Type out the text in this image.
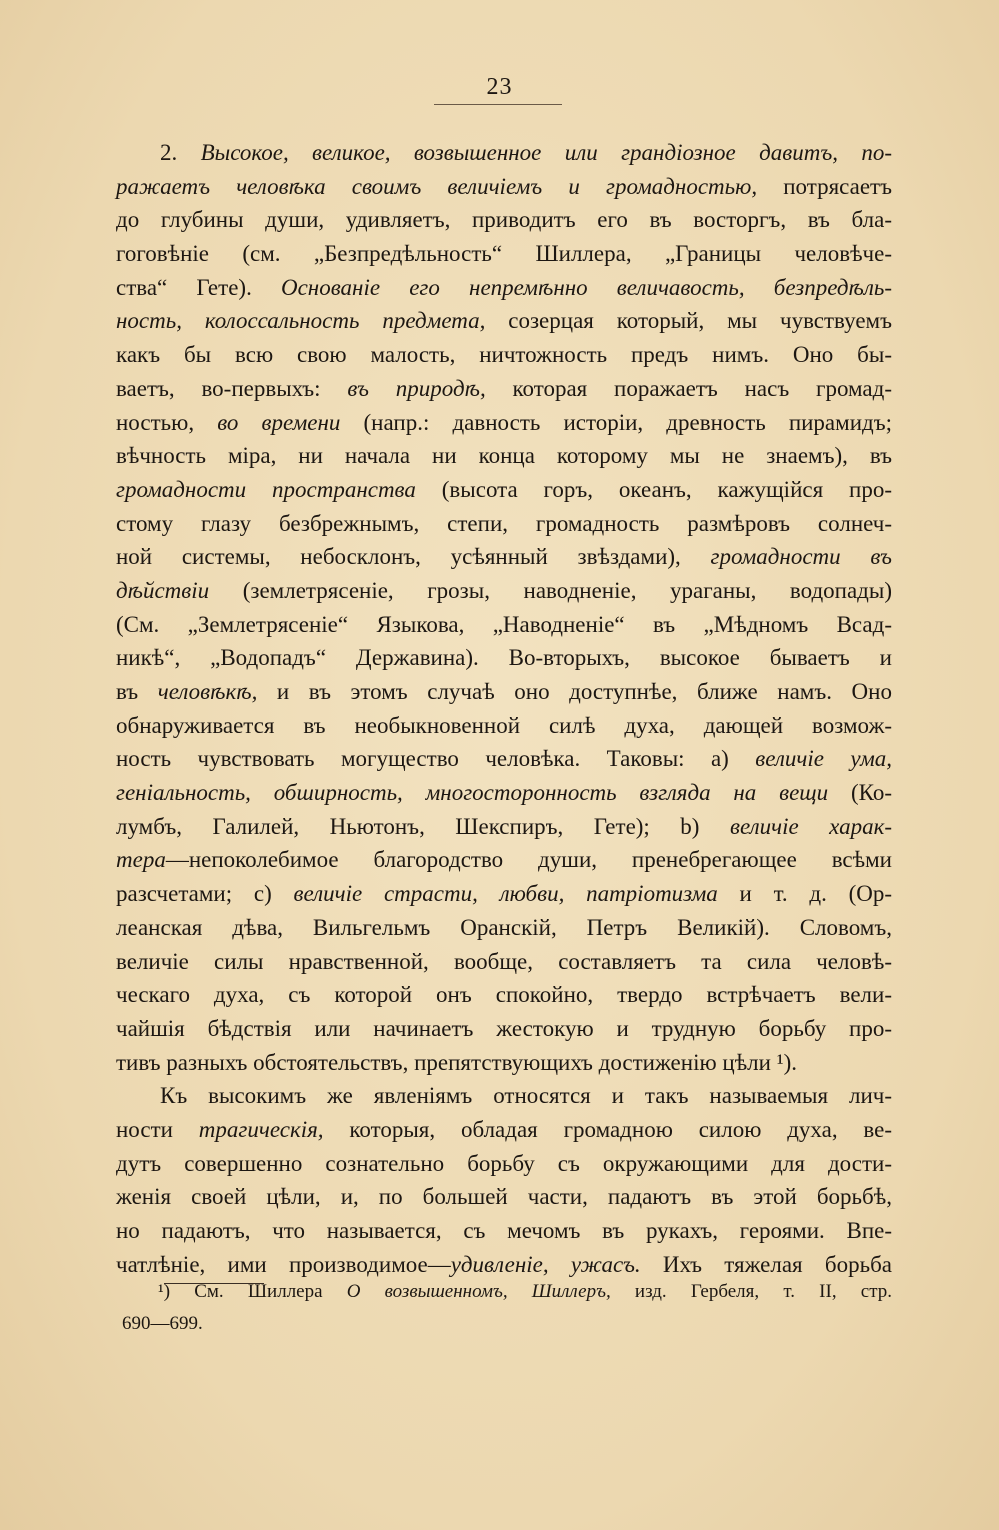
23
2. Высокое, великое, возвышенное или грандіозное давитъ, по-
ражаетъ человѣка своимъ величіемъ и громадностью, потрясаетъ
до глубины души, удивляетъ, приводитъ его въ восторгъ, въ бла-
гоговѣніе (см. „Безпредѣльность“ Шиллера, „Границы человѣче-
ства“ Гете). Основаніе его непремѣнно величавость, безпредѣль-
ность, колоссальность предмета, созерцая который, мы чувствуемъ
какъ бы всю свою малость, ничтожность предъ нимъ. Оно бы-
ваетъ, во-первыхъ: въ природѣ, которая поражаетъ насъ громад-
ностью, во времени (напр.: давность исторіи, древность пирамидъ;
вѣчность міра, ни начала ни конца которому мы не знаемъ), въ
громадности пространства (высота горъ, океанъ, кажущійся про-
стому глазу безбрежнымъ, степи, громадность размѣровъ солнеч-
ной системы, небосклонъ, усѣянный звѣздами), громадности въ
дѣйствіи (землетрясеніе, грозы, наводненіе, ураганы, водопады)
(См. „Землетрясеніе“ Языкова, „Наводненіе“ въ „Мѣдномъ Всад-
никѣ“, „Водопадъ“ Державина). Во-вторыхъ, высокое бываетъ и
въ человѣкѣ, и въ этомъ случаѣ оно доступнѣе, ближе намъ. Оно
обнаруживается въ необыкновенной силѣ духа, дающей возмож-
ность чувствовать могущество человѣка. Таковы: a) величіе ума,
геніальность, обширность, многосторонность взгляда на вещи (Ко-
лумбъ, Галилей, Ньютонъ, Шекспиръ, Гете); b) величіе харак-
тера—непоколебимое благородство души, пренебрегающее всѣми
разсчетами; c) величіе страсти, любви, патріотизма и т. д. (Ор-
леанская дѣва, Вильгельмъ Оранскій, Петръ Великій). Словомъ,
величіе силы нравственной, вообще, составляетъ та сила человѣ-
ческаго духа, съ которой онъ спокойно, твердо встрѣчаетъ вели-
чайшія бѣдствія или начинаетъ жестокую и трудную борьбу про-
тивъ разныхъ обстоятельствъ, препятствующихъ достиженію цѣли ¹).
Къ высокимъ же явленіямъ относятся и такъ называемыя лич-
ности трагическія, которыя, обладая громадною силою духа, ве-
дутъ совершенно сознательно борьбу съ окружающими для дости-
женія своей цѣли, и, по большей части, падаютъ въ этой борьбѣ,
но падаютъ, что называется, съ мечомъ въ рукахъ, героями. Впе-
чатлѣніе, ими производимое—удивленіе, ужасъ. Ихъ тяжелая борьба
¹) См. Шиллера О возвышенномъ, Шиллеръ, изд. Гербеля, т. II, стр.
690—699.
